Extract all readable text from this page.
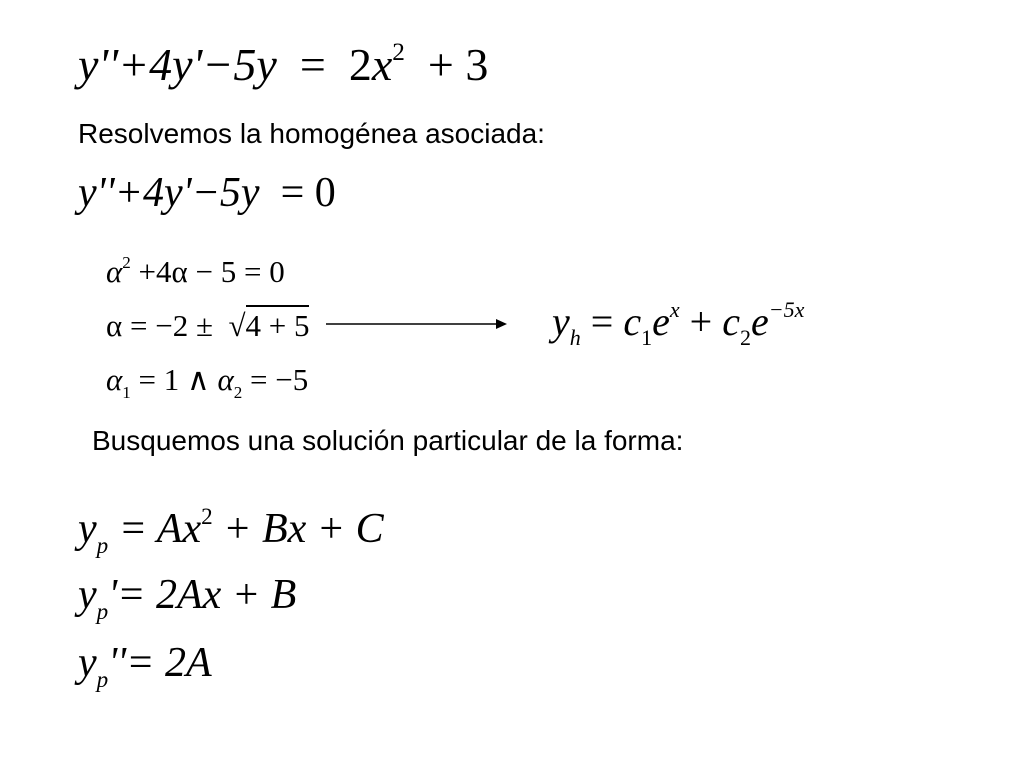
$y''+4y'-5y = 2x^2 + 3$
Resolvemos la homogénea asociada:
y''+4y'−5y  = 0
$\alpha^2 +4\alpha - 5 = 0$
α = −2 ±  √4 + 5
$\alpha_1 = 1$ ∧ $\alpha_2 = -5$
$y_h = c_1e^x + c_2e^{-5x}$
Busquemos una solución particular de la forma:
$y_p = Ax^2 + Bx + C$
$y_p'= 2Ax + B$
$y_p''= 2A$
